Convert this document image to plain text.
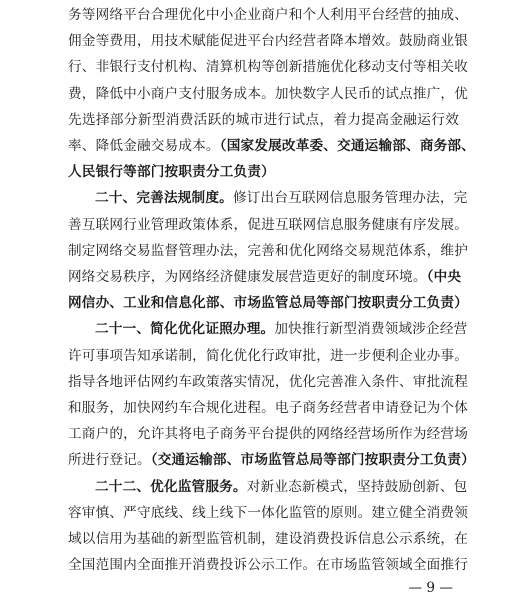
务等网络平台合理优化中小企业商户和个人利用平台经营的抽成、
佣金等费用，用技术赋能促进平台内经营者降本增效。鼓励商业银
行、非银行支付机构、清算机构等创新措施优化移动支付等相关收
费，降低中小商户支付服务成本。加快数字人民币的试点推广，优
先选择部分新型消费活跃的城市进行试点，着力提高金融运行效
率、降低金融交易成本。（国家发展改革委、交通运输部、商务部、
人民银行等部门按职责分工负责）
二十、完善法规制度。修订出台互联网信息服务管理办法，完
善互联网行业管理政策体系，促进互联网信息服务健康有序发展。
制定网络交易监督管理办法，完善和优化网络交易规范体系，维护
网络交易秩序，为网络经济健康发展营造更好的制度环境。（中央
网信办、工业和信息化部、市场监管总局等部门按职责分工负责）
二十一、简化优化证照办理。加快推行新型消费领域涉企经营
许可事项告知承诺制，简化优化行政审批，进一步便利企业办事。
指导各地评估网约车政策落实情况，优化完善准入条件、审批流程
和服务，加快网约车合规化进程。电子商务经营者申请登记为个体
工商户的，允许其将电子商务平台提供的网络经营场所作为经营场
所进行登记。（交通运输部、市场监管总局等部门按职责分工负责）
二十二、优化监管服务。对新业态新模式，坚持鼓励创新、包
容审慎、严守底线、线上线下一体化监管的原则。建立健全消费领
域以信用为基础的新型监管机制，建设消费投诉信息公示系统，在
全国范围内全面推开消费投诉公示工作。在市场监管领域全面推行
— 9 —
